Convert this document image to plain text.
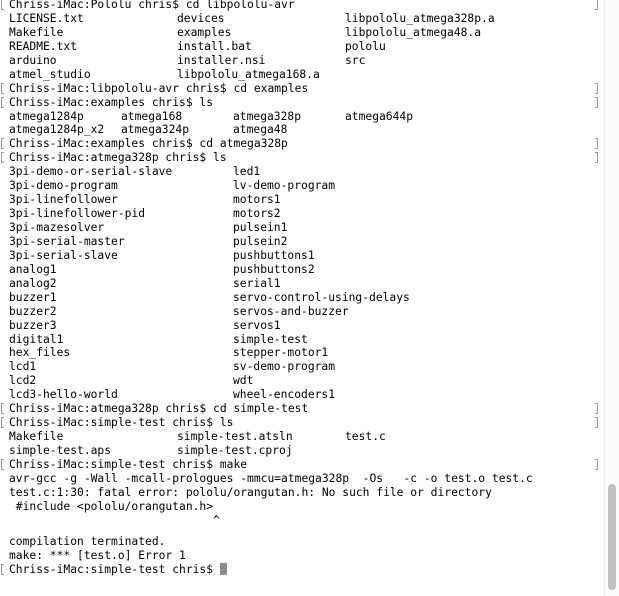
Chriss-iMac:Pololu chris$ cd libpololu-avr
LICENSE.txt	devices	libpololu_atmega328p.a
Makefile	examples	libpololu_atmega48.a
README.txt	install.bat	pololu
arduino	installer.nsi	src
atmel_studio	libpololu_atmega168.a
Chriss-iMac:libpololu-avr chris$ cd examples
Chriss-iMac:examples chris$ ls
atmega1284p	atmega168	atmega328p	atmega644p
atmega1284p_x2 atmega324p	atmega48
Chriss-iMac:examples chris$ cd atmega328p
Chriss-iMac:atmega328p chris$ ls
3pi-demo-or-serial-slave	led1
3pi-demo-program	lv-demo-program
3pi-linefollower	motors1
3pi-linefollower-pid	motors2
3pi-mazesolver	pulsein1
3pi-serial-master	pulsein2
3pi-serial-slave	pushbuttons1
analog1	pushbuttons2
analog2	serial1
buzzer1	servo-control-using-delays
buzzer2	servos-and-buzzer
buzzer3	servos1
digital1	simple-test
hex_files	stepper-motor1
lcd1	sv-demo-program
lcd2	wdt
lcd3-hello-world	wheel-encoders1
Chriss-iMac:atmega328p chris$ cd simple-test
Chriss-iMac:simple-test chris$ ls
Makefile	simple-test.atsln	test.c
simple-test.aps	simple-test.cproj
Chriss-iMac:simple-test chris$ make
avr-gcc -g -Wall -mcall-prologues -mmcu=atmega328p  -Os   -c -o test.o test.c
test.c:1:30: fatal error: pololu/orangutan.h: No such file or directory
#include <pololu/orangutan.h>
^
compilation terminated.
make: *** [test.o] Error 1
Chriss-iMac:simple-test chris$
